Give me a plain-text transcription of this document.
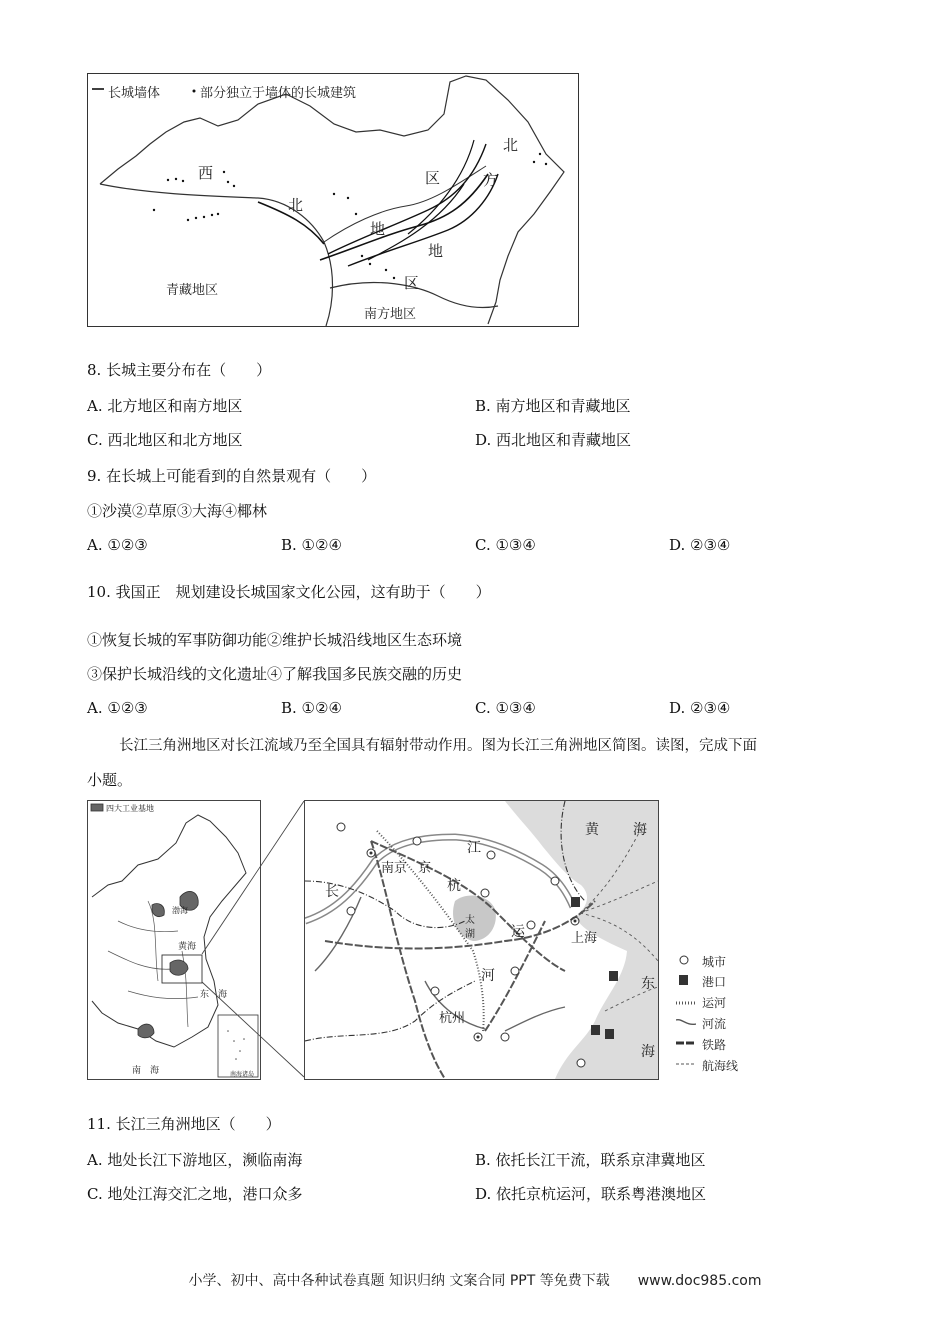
长城墙体	部分独立于墙体的长城建筑
西
北
北
方
地
区
地
区
青藏地区
南方地区
8. 长城主要分布在（　　）
A. 北方地区和南方地区	B. 南方地区和青藏地区
C. 西北地区和北方地区	D. 西北地区和青藏地区
9. 在长城上可能看到的自然景观有（　　）
①沙漠②草原③大海④椰林
A. ①②③	B. ①②④	C. ①③④	D. ②③④
10. 我国正　规划建设长城国家文化公园，这有助于（　　）
①恢复长城的军事防御功能②维护长城沿线地区生态环境
③保护长城沿线的文化遗址④了解我国多民族交融的历史
A. ①②③	B. ①②④	C. ①③④	D. ②③④
长江三角洲地区对长江流域乃至全国具有辐射带动作用。图为长江三角洲地区简图。读图，完成下面
小题。
四大工业基地
渤海
黄海
东　海
南　海	南海诸岛
黄 海
江
南京 京
长	杭
太
湖	运	上海
河
杭州
东
海
城市
港口
运河
河流
铁路
航海线
11. 长江三角洲地区（　　）
A. 地处长江下游地区，濒临南海	B. 依托长江干流，联系京津冀地区
C. 地处江海交汇之地，港口众多	D. 依托京杭运河，联系粤港澳地区
小学、初中、高中各种试卷真题 知识归纳 文案合同 PPT 等免费下载　　www.doc985.com
